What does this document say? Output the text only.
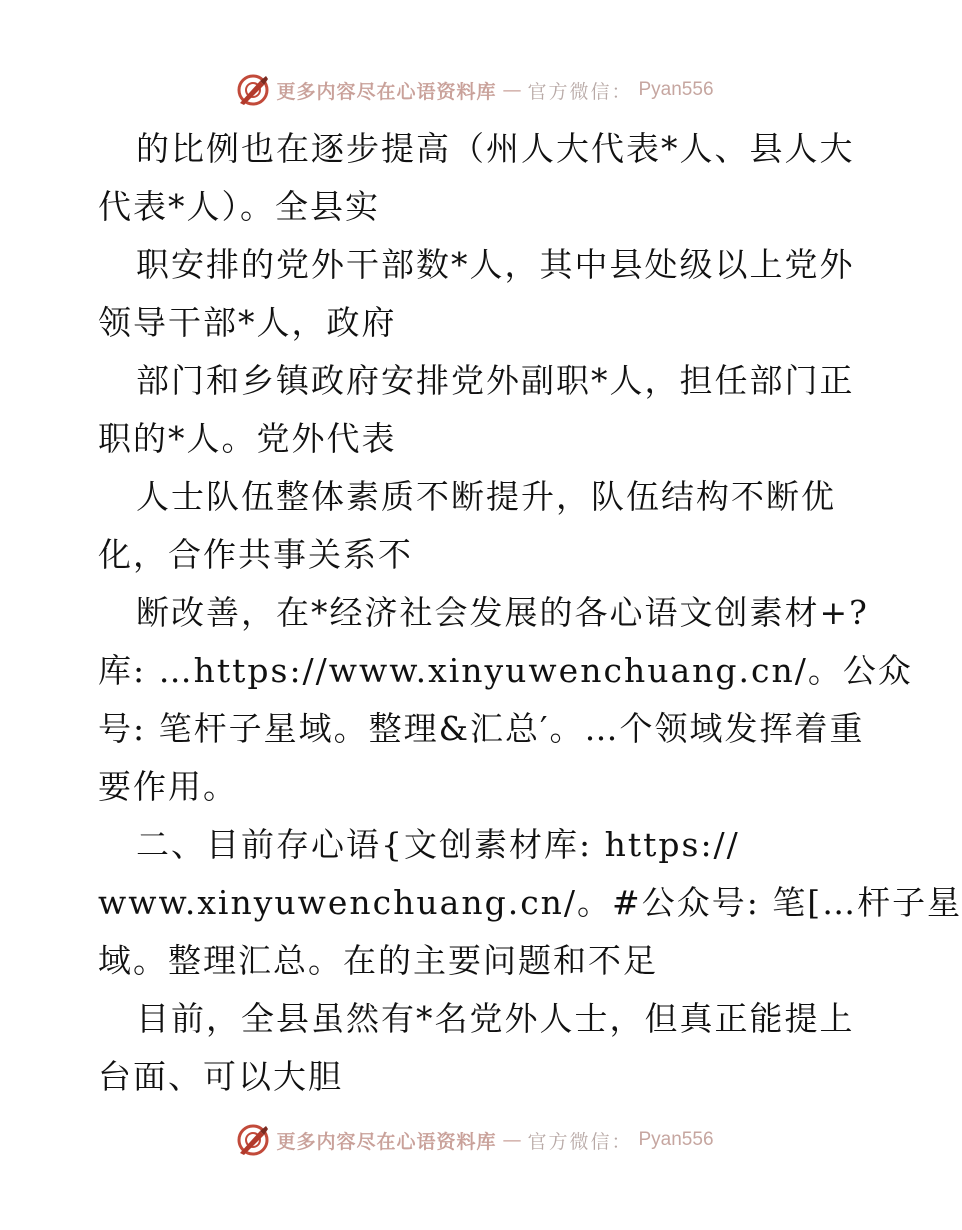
更多内容尽在心语资料库 — 官方微信： Pyan556
的比例也在逐步提高（州人大代表*人、县人大
代表*人）。全县实
职安排的党外干部数*人，其中县处级以上党外
领导干部*人，政府
部门和乡镇政府安排党外副职*人，担任部门正
职的*人。党外代表
人士队伍整体素质不断提升，队伍结构不断优
化，合作共事关系不
断改善，在*经济社会发展的各心语文创素材+?
库: …https://www.xinyuwenchuang.cn/。公众
号: 笔杆子星域。整理&汇总′。…个领域发挥着重
要作用。
二、目前存心语{文创素材库: https://
www.xinyuwenchuang.cn/。#公众号: 笔[…杆子星
域。整理汇总。在的主要问题和不足
目前，全县虽然有*名党外人士，但真正能提上
台面、可以大胆
更多内容尽在心语资料库 — 官方微信： Pyan556
